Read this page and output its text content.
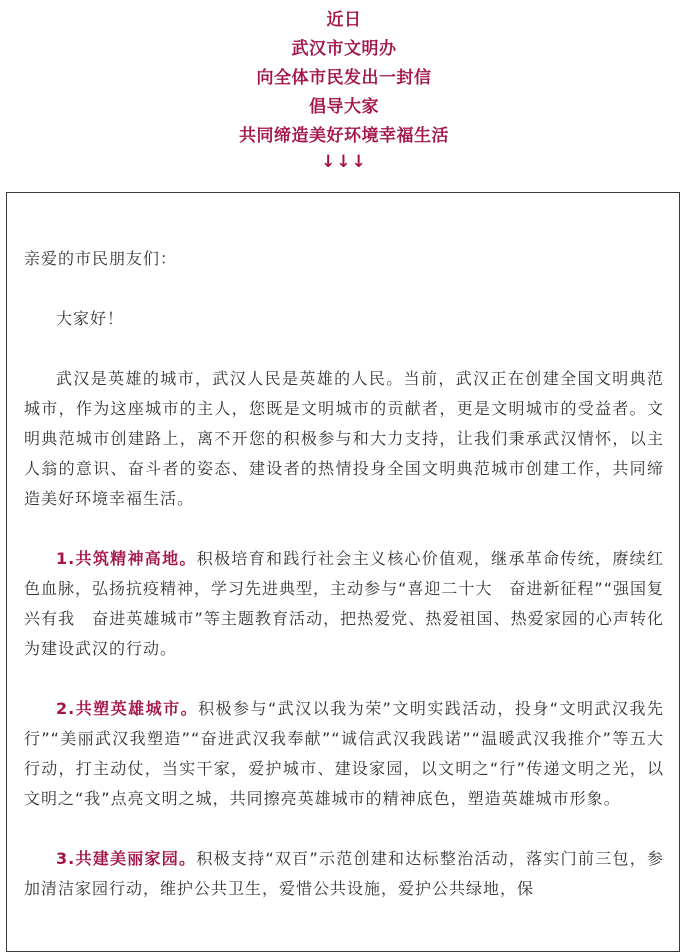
近日
武汉市文明办
向全体市民发出一封信
倡导大家
共同缔造美好环境幸福生活
↓↓↓

亲爱的市民朋友们：

大家好！

武汉是英雄的城市，武汉人民是英雄的人民。当前，武汉正在创建全国文明典范城市，作为这座城市的主人，您既是文明城市的贡献者，更是文明城市的受益者。文明典范城市创建路上，离不开您的积极参与和大力支持，让我们秉承武汉情怀，以主人翁的意识、奋斗者的姿态、建设者的热情投身全国文明典范城市创建工作，共同缔造美好环境幸福生活。

1.共筑精神高地。积极培育和践行社会主义核心价值观，继承革命传统，赓续红色血脉，弘扬抗疫精神，学习先进典型，主动参与“喜迎二十大　奋进新征程”“强国复兴有我　奋进英雄城市”等主题教育活动，把热爱党、热爱祖国、热爱家园的心声转化为建设武汉的行动。

2.共塑英雄城市。积极参与“武汉以我为荣”文明实践活动，投身“文明武汉我先行”“美丽武汉我塑造”“奋进武汉我奉献”“诚信武汉我践诺”“温暖武汉我推介”等五大行动，打主动仗，当实干家，爱护城市、建设家园，以文明之“行”传递文明之光，以文明之“我”点亮文明之城，共同擦亮英雄城市的精神底色，塑造英雄城市形象。

3.共建美丽家园。积极支持“双百”示范创建和达标整治活动，落实门前三包，参加清洁家园行动，维护公共卫生，爱惜公共设施，爱护公共绿地，保
